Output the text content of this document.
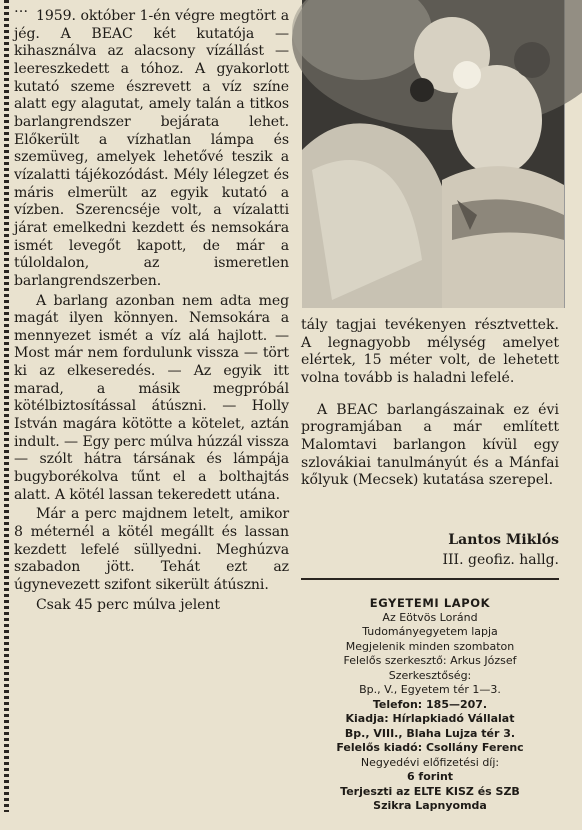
… 1959. október 1-én végre megtört a jég. A BEAC két kutatója — kihasználva az alacsony vízállást — leereszkedett a tóhoz. A gyakorlott kutató szeme észrevett a víz színe alatt egy alagutat, amely talán a titkos barlangrendszer bejárata lehet. Előkerült a vízhatlan lámpa és szemüveg, amelyek lehetővé teszik a vízalatti tájékozódást. Mély lélegzet és máris elmerült az egyik kutató a vízben. Szerencséje volt, a vízalatti járat emelkedni kezdett és nemsokára ismét levegőt kapott, de már a túloldalon, az ismeretlen barlangrendszerben.

A barlang azonban nem adta meg magát ilyen könnyen. Nemsokára a mennyezet ismét a víz alá hajlott. — Most már nem fordulunk vissza — tört ki az elkeseredés. — Az egyik itt marad, a másik megpróbál kötélbiztosítással átúszni. — Holly István magára kötötte a kötelet, aztán indult. — Egy perc múlva húzzál vissza — szólt hátra társának és lámpája bugyborékolva tűnt el a bolthajtás alatt. A kötél lassan tekeredett utána.

Már a perc majdnem letelt, amikor 8 méternél a kötél megállt és lassan kezdett lefelé süllyedni. Meghúzva szabadon jött. Tehát ezt az úgynevezett szifont sikerült átúszni.

Csak 45 perc múlva jelent

tály tagjai tevékenyen résztvettek. A legnagyobb mélység amelyet elértek, 15 méter volt, de lehetett volna tovább is haladni lefelé.

A BEAC barlangászainak ez évi programjában a már említett Malomtavi barlangon kívül egy szlovákiai tanulmányút és a Mánfai kőlyuk (Mecsek) kutatása szerepel.

Lantos Miklós
III. geofiz. hallg.
EGYETEMI LAPOK
Az Eötvös Loránd
Tudományegyetem lapja
Megjelenik minden szombaton
Felelős szerkesztő: Arkus József
Szerkesztőség:
Bp., V., Egyetem tér 1—3.
Telefon: 185—207.
Kiadja: Hírlapkiadó Vállalat
Bp., VIII., Blaha Lujza tér 3.
Felelős kiadó: Csollány Ferenc
Negyedévi előfizetési díj:
6 forint
Terjeszti az ELTE KISZ és SZB
Szikra Lapnyomda
